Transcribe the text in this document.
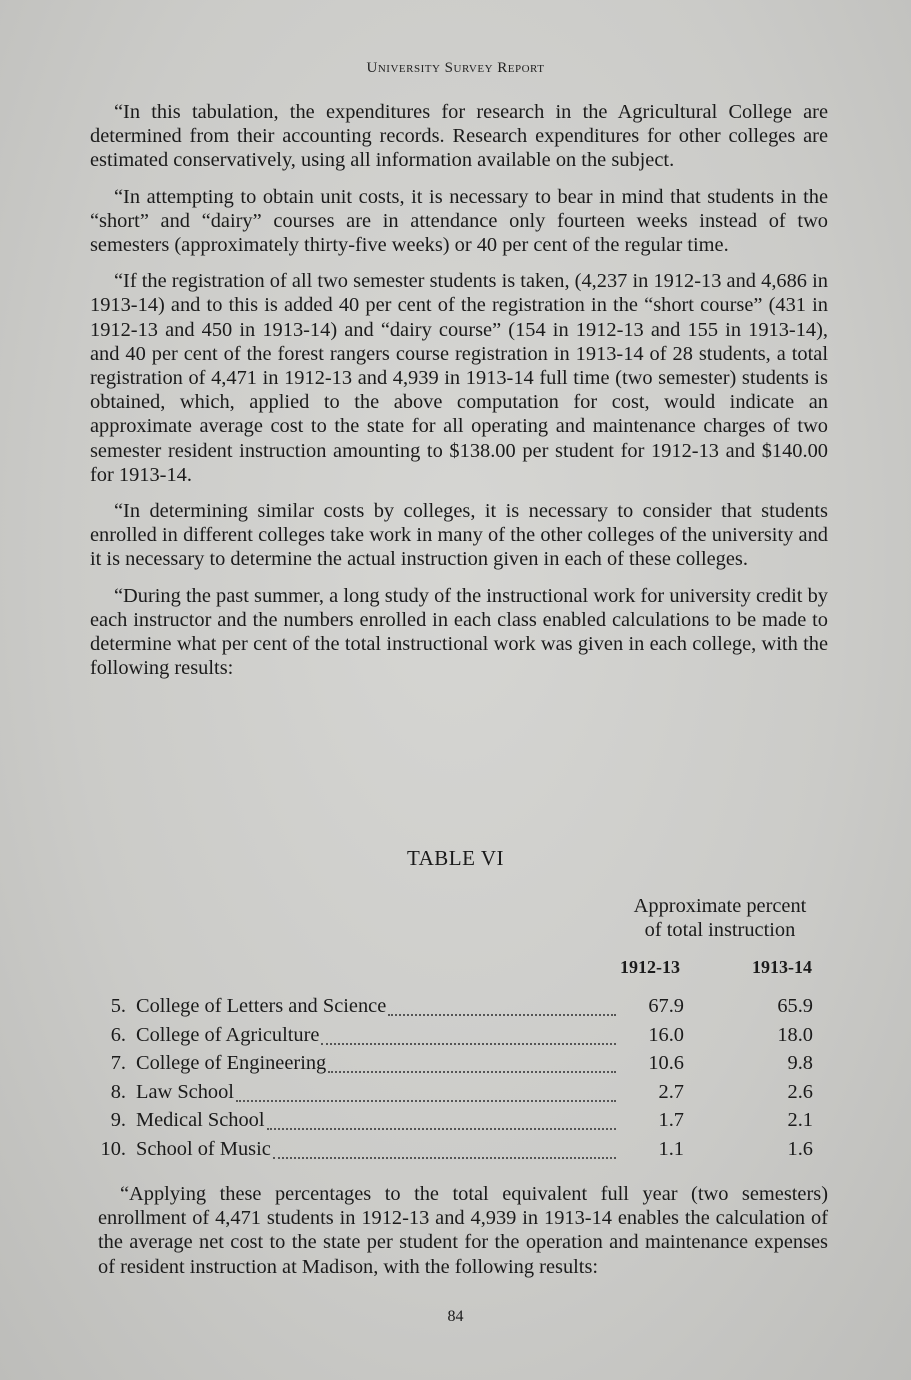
University Survey Report

“In this tabulation, the expenditures for research in the Agricultural College are determined from their accounting records. Research expenditures for other colleges are estimated conservatively, using all information available on the subject.

“In attempting to obtain unit costs, it is necessary to bear in mind that students in the “short” and “dairy” courses are in attendance only fourteen weeks instead of two semesters (approximately thirty-five weeks) or 40 per cent of the regular time.

“If the registration of all two semester students is taken, (4,237 in 1912-13 and 4,686 in 1913-14) and to this is added 40 per cent of the registration in the “short course” (431 in 1912-13 and 450 in 1913-14) and “dairy course” (154 in 1912-13 and 155 in 1913-14), and 40 per cent of the forest rangers course registration in 1913-14 of 28 students, a total registration of 4,471 in 1912-13 and 4,939 in 1913-14 full time (two semester) students is obtained, which, applied to the above computation for cost, would indicate an approximate average cost to the state for all operating and maintenance charges of two semester resident instruction amounting to $138.00 per student for 1912-13 and $140.00 for 1913-14.

“In determining similar costs by colleges, it is necessary to consider that students enrolled in different colleges take work in many of the other colleges of the university and it is necessary to determine the actual instruction given in each of these colleges.

“During the past summer, a long study of the instructional work for university credit by each instructor and the numbers enrolled in each class enabled calculations to be made to determine what per cent of the total instructional work was given in each college, with the following results:

TABLE VI
Approximate percent
of total instruction
1912-13	1913-14
5. College of Letters and Science	67.9	65.9
6. College of Agriculture	16.0	18.0
7. College of Engineering	10.6	9.8
8. Law School	2.7	2.6
9. Medical School	1.7	2.1
10. School of Music	1.1	1.6

“Applying these percentages to the total equivalent full year (two semesters) enrollment of 4,471 students in 1912-13 and 4,939 in 1913-14 enables the calculation of the average net cost to the state per student for the operation and maintenance expenses of resident instruction at Madison, with the following results:

84
